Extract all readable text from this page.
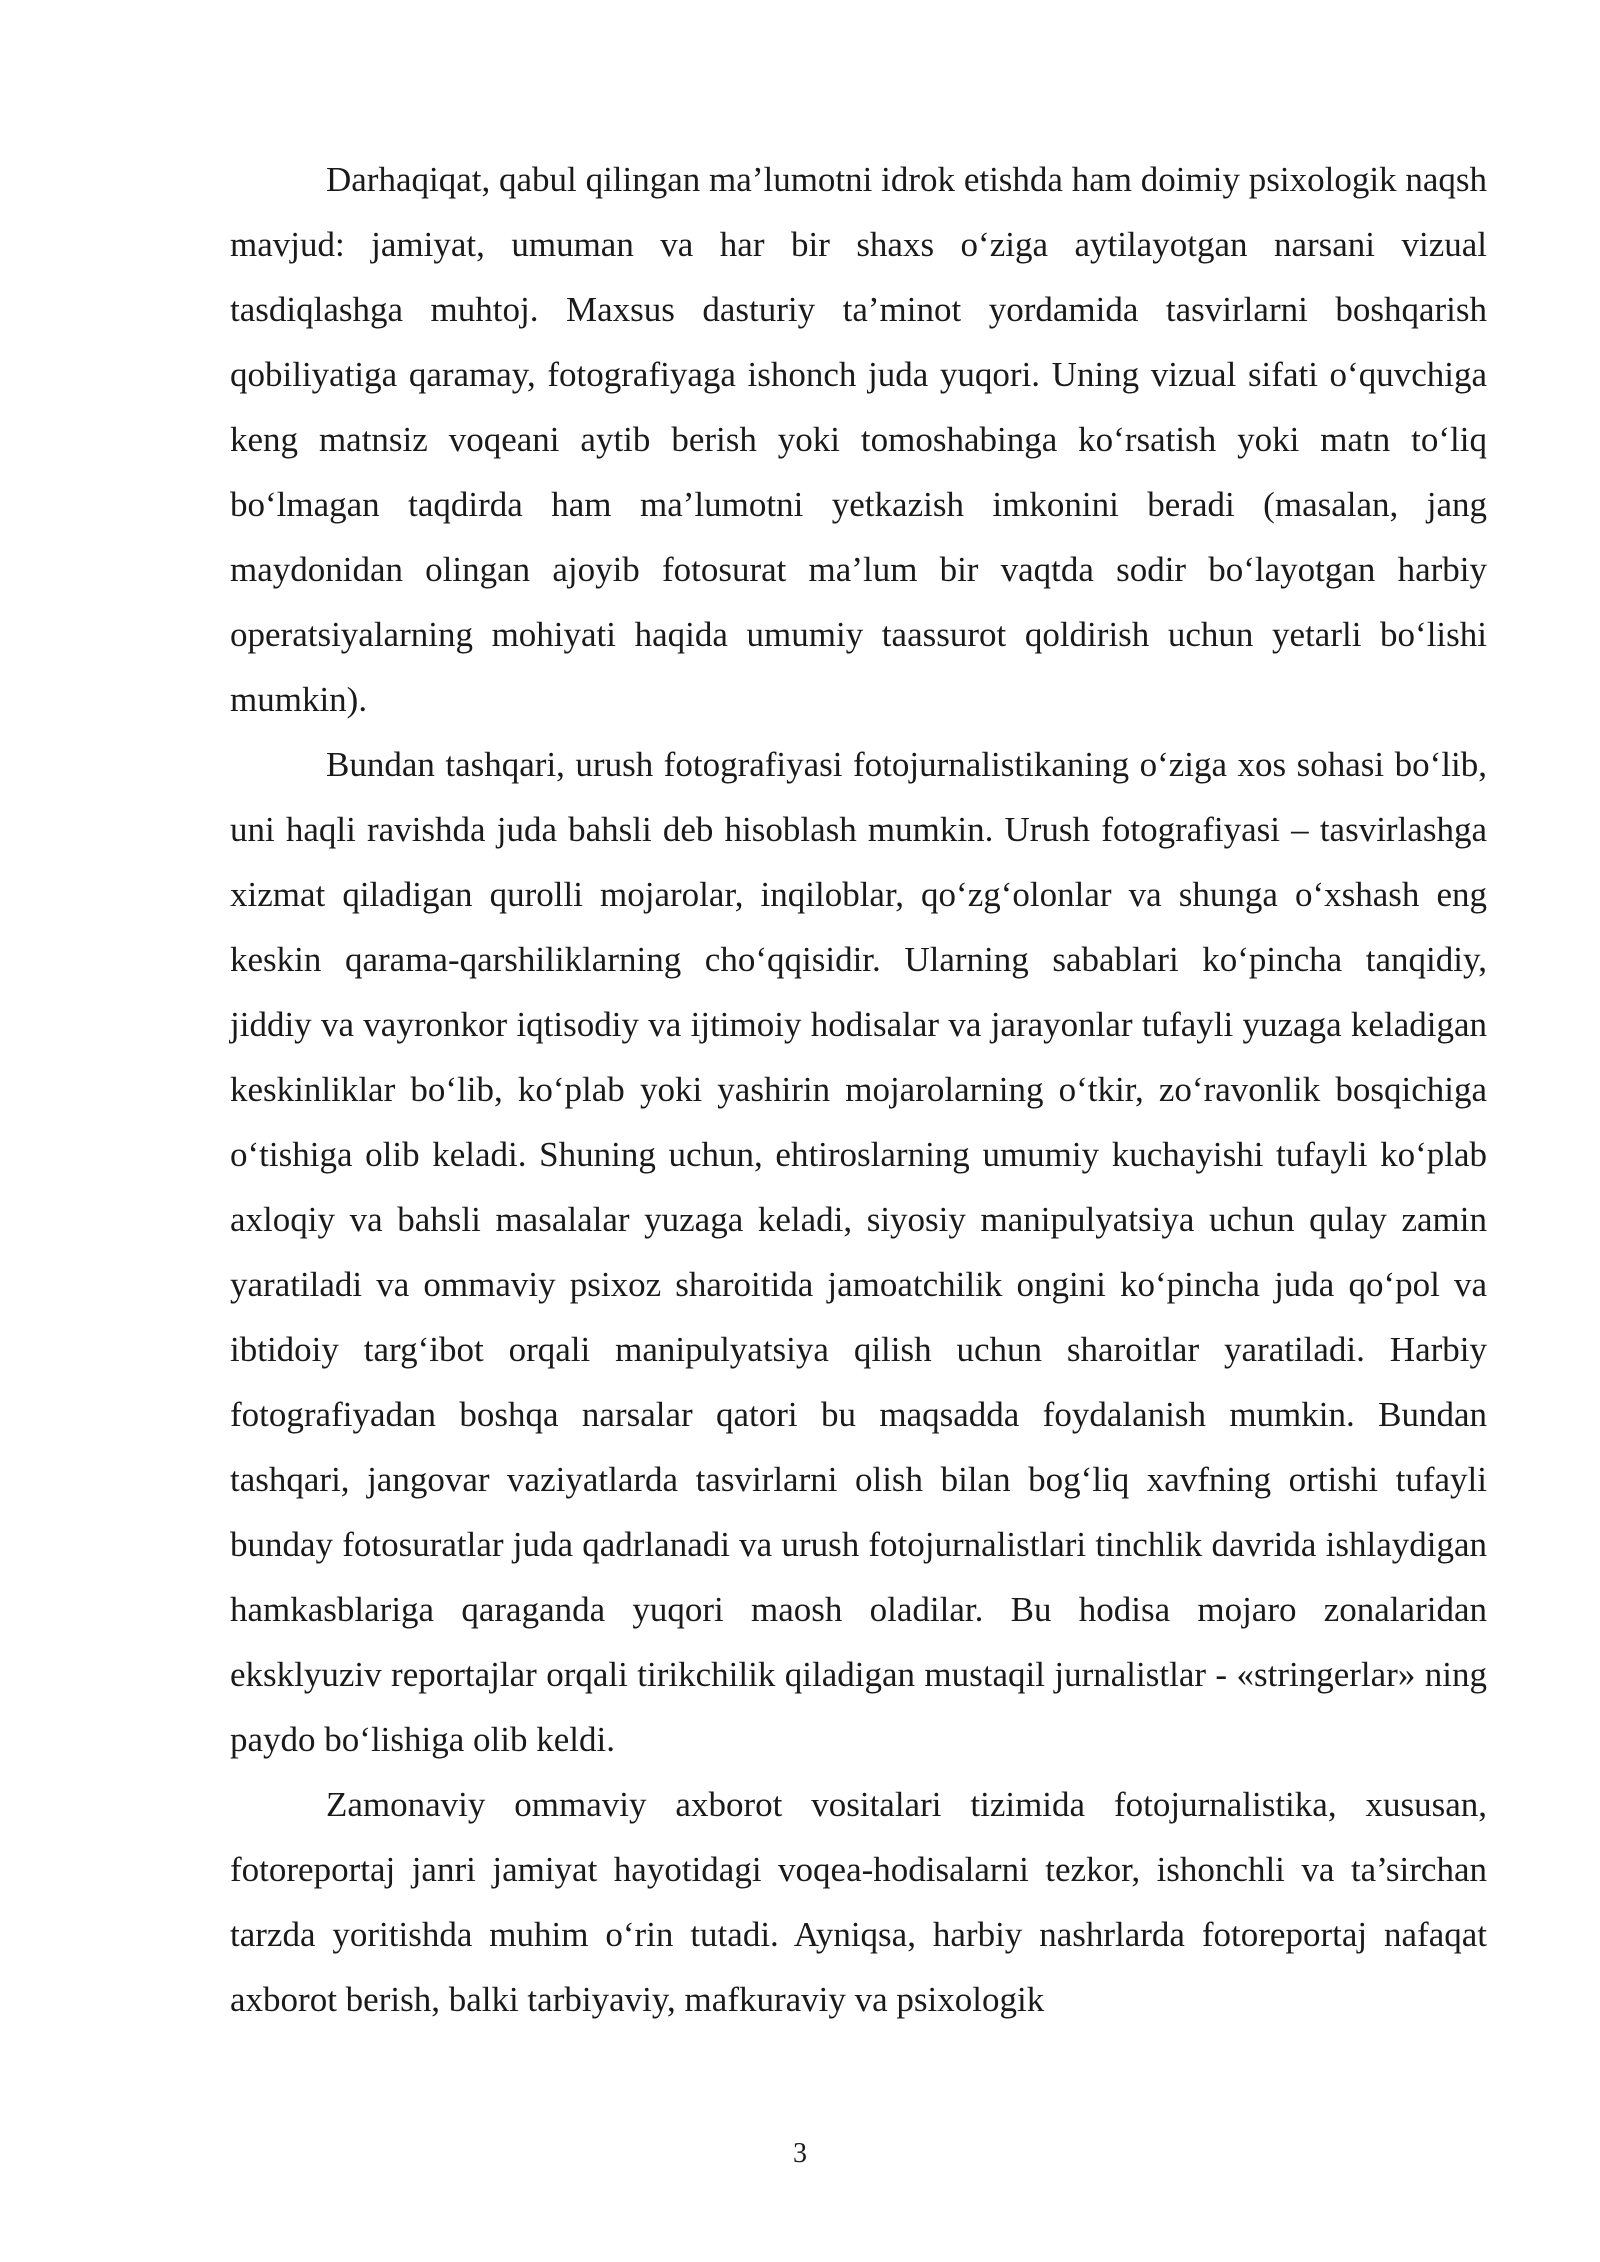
Darhaqiqat, qabul qilingan ma’lumotni idrok etishda ham doimiy psixologik naqsh mavjud: jamiyat, umuman va har bir shaxs o‘ziga aytilayotgan narsani vizual tasdiqlashga muhtoj. Maxsus dasturiy ta’minot yordamida tasvirlarni boshqarish qobiliyatiga qaramay, fotografiyaga ishonch juda yuqori. Uning vizual sifati o‘quvchiga keng matnsiz voqeani aytib berish yoki tomoshabinga ko‘rsatish yoki matn to‘liq bo‘lmagan taqdirda ham ma’lumotni yetkazish imkonini beradi (masalan, jang maydonidan olingan ajoyib fotosurat ma’lum bir vaqtda sodir bo‘layotgan harbiy operatsiyalarning mohiyati haqida umumiy taassurot qoldirish uchun yetarli bo‘lishi mumkin).

Bundan tashqari, urush fotografiyasi fotojurnalistikaning o‘ziga xos sohasi bo‘lib, uni haqli ravishda juda bahsli deb hisoblash mumkin. Urush fotografiyasi – tasvirlashga xizmat qiladigan qurolli mojarolar, inqiloblar, qo‘zg‘olonlar va shunga o‘xshash eng keskin qarama-qarshiliklarning cho‘qqisidir. Ularning sabablari ko‘pincha tanqidiy, jiddiy va vayronkor iqtisodiy va ijtimoiy hodisalar va jarayonlar tufayli yuzaga keladigan keskinliklar bo‘lib, ko‘plab yoki yashirin mojarolarning o‘tkir, zo‘ravonlik bosqichiga o‘tishiga olib keladi. Shuning uchun, ehtiroslarning umumiy kuchayishi tufayli ko‘plab axloqiy va bahsli masalalar yuzaga keladi, siyosiy manipulyatsiya uchun qulay zamin yaratiladi va ommaviy psixoz sharoitida jamoatchilik ongini ko‘pincha juda qo‘pol va ibtidoiy targ‘ibot orqali manipulyatsiya qilish uchun sharoitlar yaratiladi. Harbiy fotografiyadan boshqa narsalar qatori bu maqsadda foydalanish mumkin. Bundan tashqari, jangovar vaziyatlarda tasvirlarni olish bilan bog‘liq xavfning ortishi tufayli bunday fotosuratlar juda qadrlanadi va urush fotojurnalistlari tinchlik davrida ishlaydigan hamkasblariga qaraganda yuqori maosh oladilar. Bu hodisa mojaro zonalaridan eksklyuziv reportajlar orqali tirikchilik qiladigan mustaqil jurnalistlar - «stringerlar» ning paydo bo‘lishiga olib keldi.

Zamonaviy ommaviy axborot vositalari tizimida fotojurnalistika, xususan, fotoreportaj janri jamiyat hayotidagi voqea-hodisalarni tezkor, ishonchli va ta’sirchan tarzda yoritishda muhim o‘rin tutadi. Ayniqsa, harbiy nashrlarda fotoreportaj nafaqat axborot berish, balki tarbiyaviy, mafkuraviy va psixologik

3
